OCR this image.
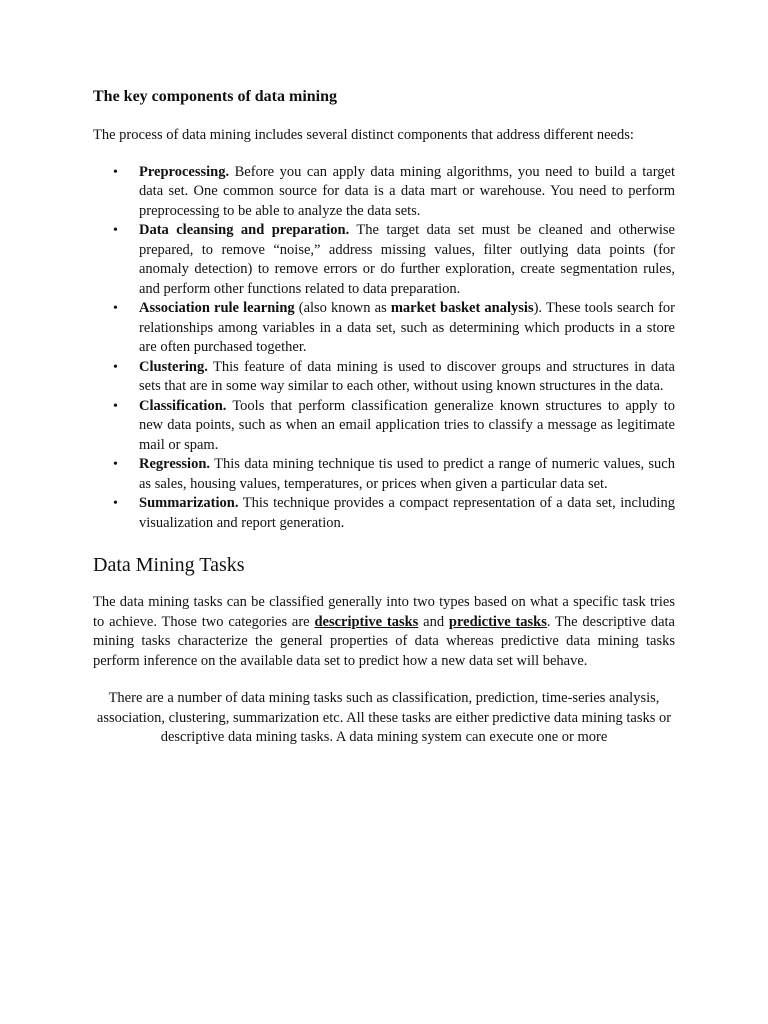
The key components of data mining

The process of data mining includes several distinct components that address different needs:

• Preprocessing. Before you can apply data mining algorithms, you need to build a target data set. One common source for data is a data mart or warehouse. You need to perform preprocessing to be able to analyze the data sets.
• Data cleansing and preparation. The target data set must be cleaned and otherwise prepared, to remove “noise,” address missing values, filter outlying data points (for anomaly detection) to remove errors or do further exploration, create segmentation rules, and perform other functions related to data preparation.
• Association rule learning (also known as market basket analysis). These tools search for relationships among variables in a data set, such as determining which products in a store are often purchased together.
• Clustering. This feature of data mining is used to discover groups and structures in data sets that are in some way similar to each other, without using known structures in the data.
• Classification. Tools that perform classification generalize known structures to apply to new data points, such as when an email application tries to classify a message as legitimate mail or spam.
• Regression. This data mining technique tis used to predict a range of numeric values, such as sales, housing values, temperatures, or prices when given a particular data set.
• Summarization. This technique provides a compact representation of a data set, including visualization and report generation.
Data Mining Tasks

The data mining tasks can be classified generally into two types based on what a specific task tries to achieve. Those two categories are descriptive tasks and predictive tasks. The descriptive data mining tasks characterize the general properties of data whereas predictive data mining tasks perform inference on the available data set to predict how a new data set will behave.

There are a number of data mining tasks such as classification, prediction, time-series analysis, association, clustering, summarization etc. All these tasks are either predictive data mining tasks or descriptive data mining tasks. A data mining system can execute one or more
